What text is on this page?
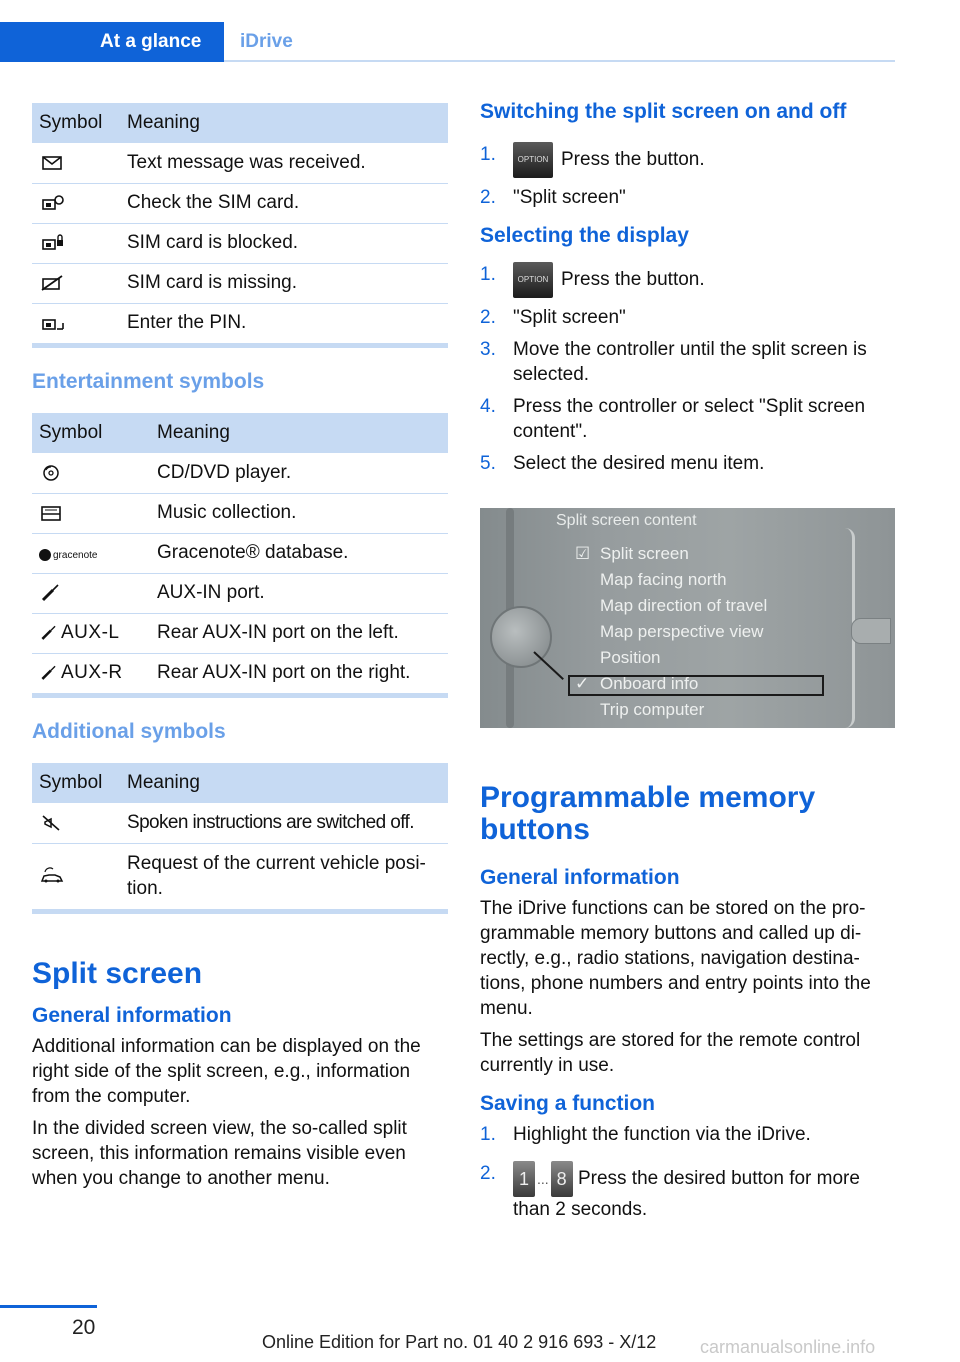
At a glance	iDrive
Symbol	Meaning
	Text message was received.
	Check the SIM card.
	SIM card is blocked.
	SIM card is missing.
	Enter the PIN.
Entertainment symbols
Symbol	Meaning
	CD/DVD player.
	Music collection.
gracenote	Gracenote® database.
	AUX-IN port.
AUX-L	Rear AUX-IN port on the left.
AUX-R	Rear AUX-IN port on the right.
Additional symbols
Symbol	Meaning
	Spoken instructions are switched off.
	Request of the current vehicle posi‐tion.
Split screen
General information

Additional information can be displayed on the right side of the split screen, e.g., information from the computer.

In the divided screen view, the so-called split screen, this information remains visible even when you change to another menu.

Switching the split screen on and off
1.	OPTION Press the button.
2. "Split screen"
Selecting the display
1.	OPTION Press the button.
2. "Split screen"
3. Move the controller until the split screen is selected.
4. Press the controller or select "Split screen content".
5. Select the desired menu item.
Split screen content
☑ Split screen
Map facing north
Map direction of travel
Map perspective view
Position
✓ Onboard info
Trip computer
Programmable memory buttons
General information

The iDrive functions can be stored on the pro‐grammable memory buttons and called up di‐rectly, e.g., radio stations, navigation destina‐tions, phone numbers and entry points into the menu.

The settings are stored for the remote control currently in use.

Saving a function
1. Highlight the function via the iDrive.
2. 1 ... 8 Press the desired button for more than 2 seconds.
20
Online Edition for Part no. 01 40 2 916 693 - X/12 carmanualsonline.info
